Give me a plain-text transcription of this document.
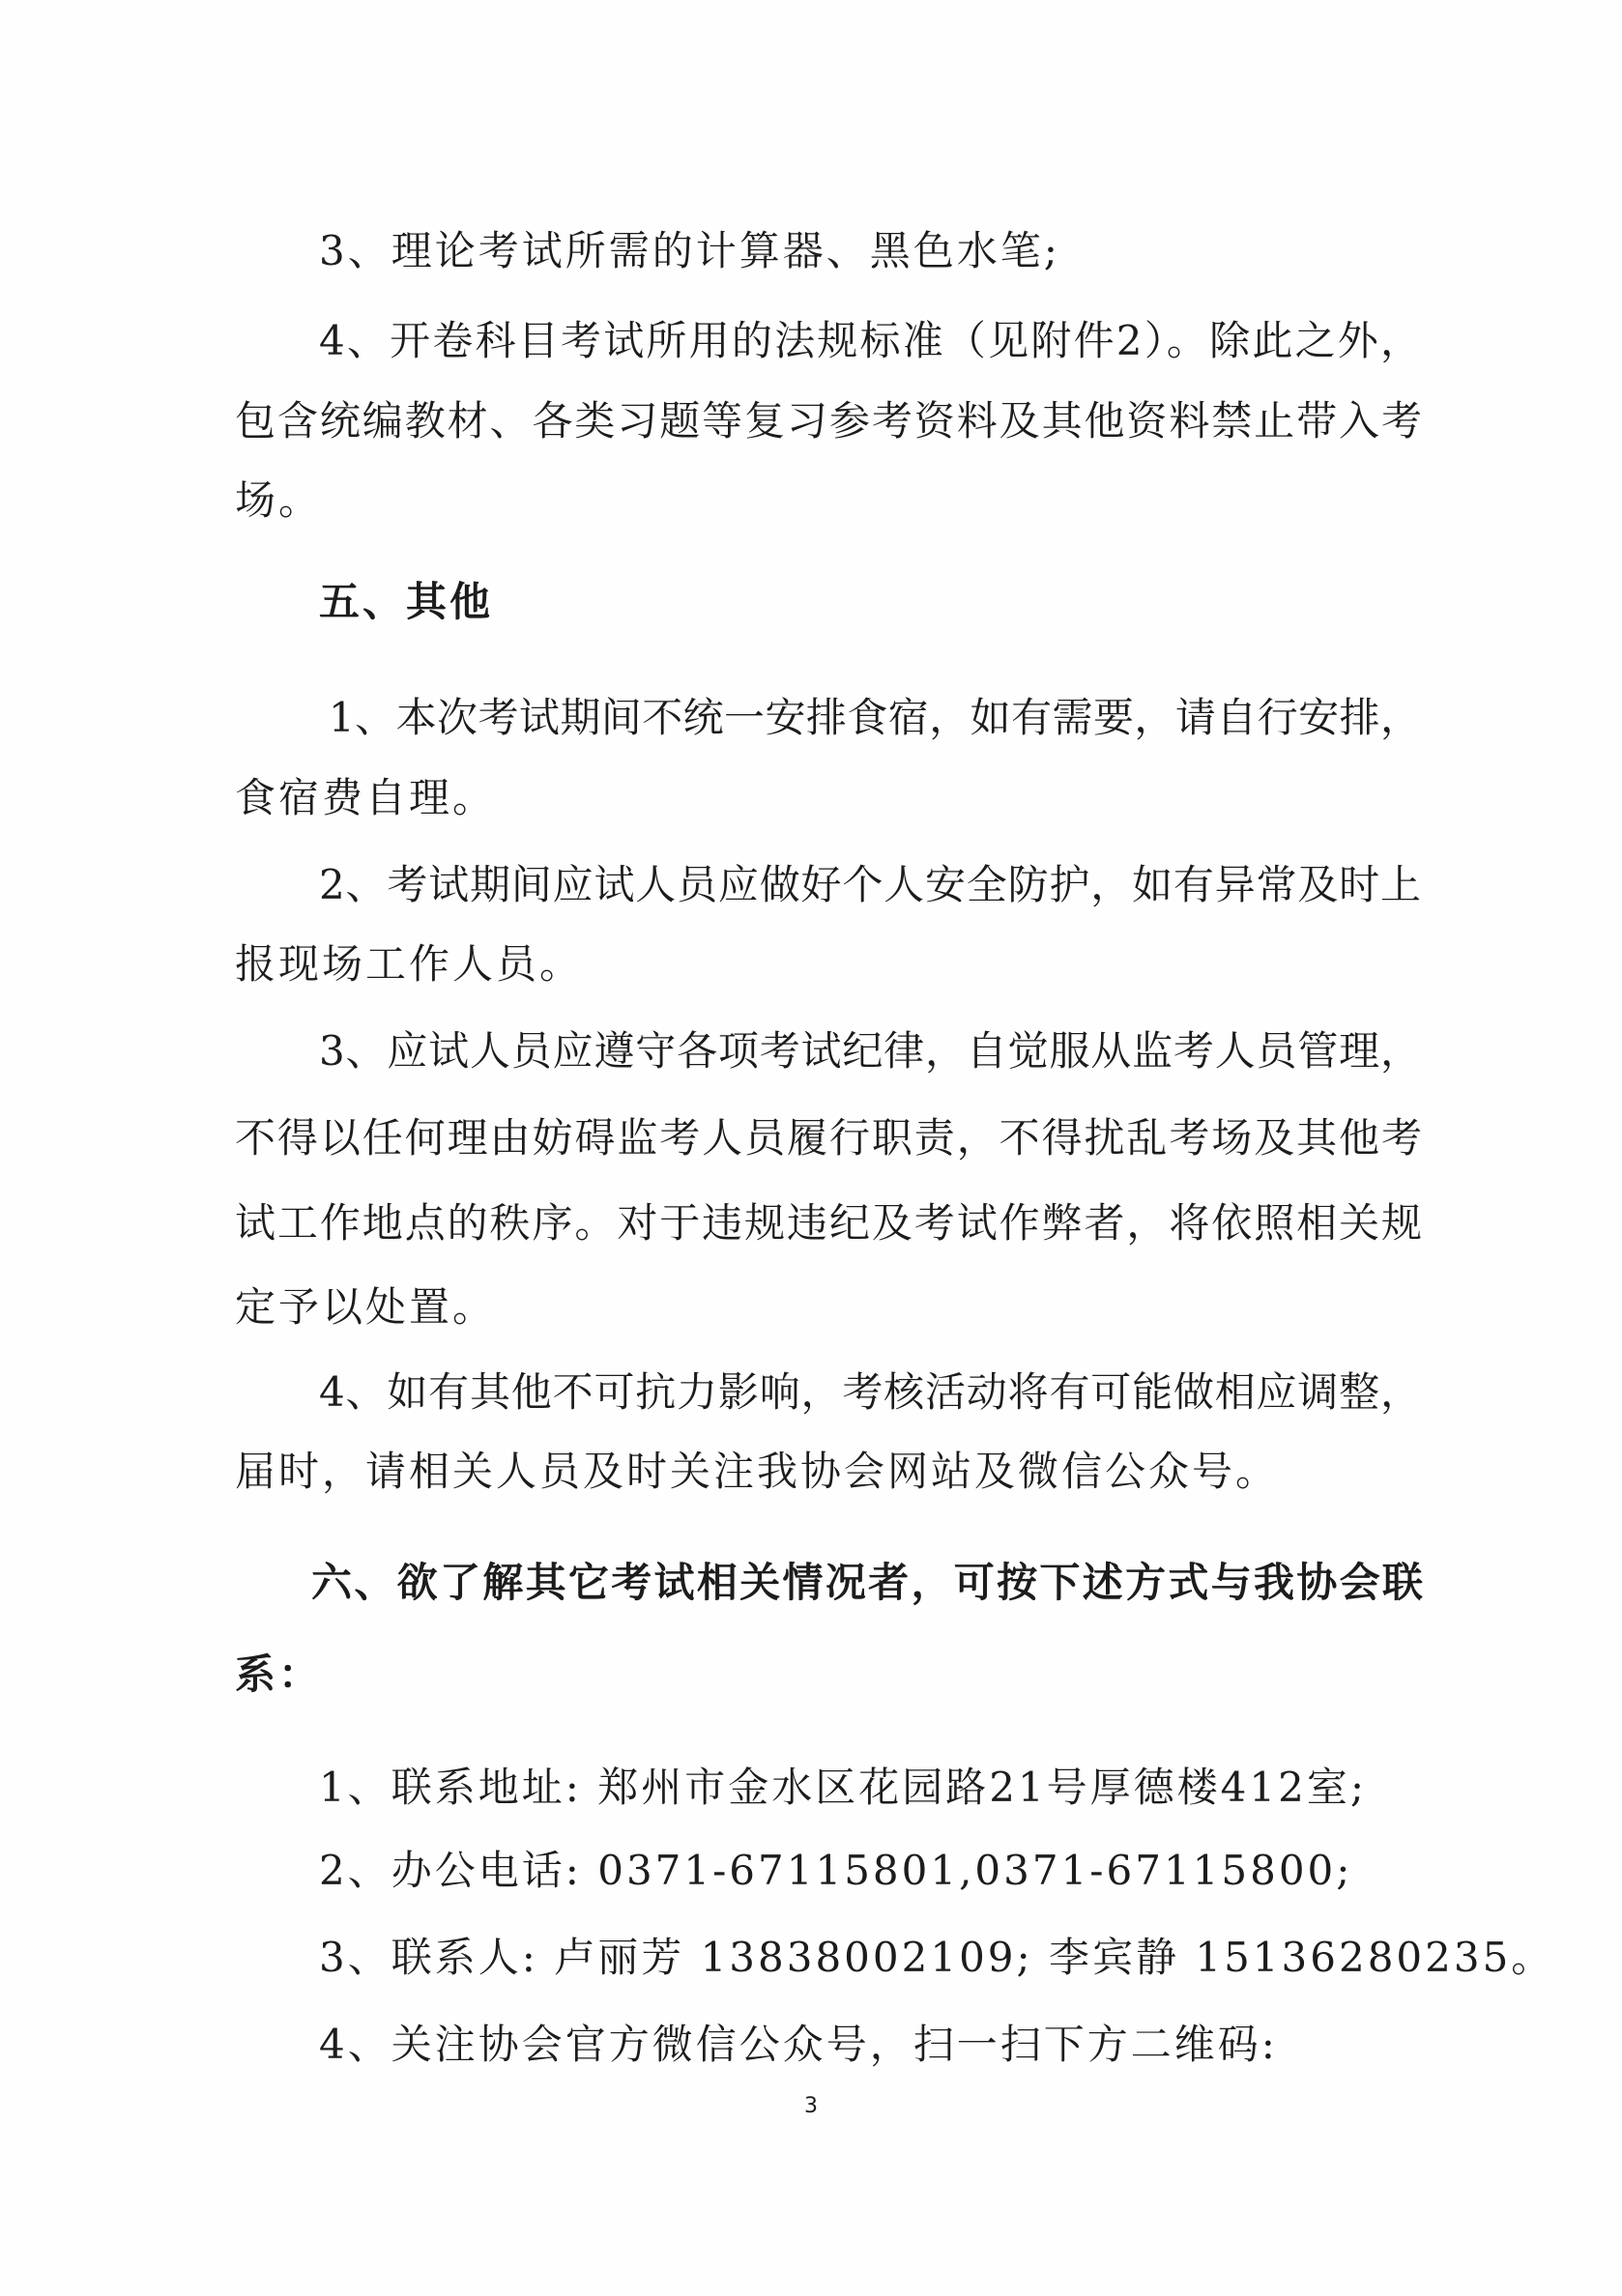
3、理论考试所需的计算器、黑色水笔;
4、开卷科目考试所用的法规标准（见附件2）。除此之外，
包含统编教材、各类习题等复习参考资料及其他资料禁止带入考
场。
五、其他
1、本次考试期间不统一安排食宿，如有需要，请自行安排，
食宿费自理。
2、考试期间应试人员应做好个人安全防护，如有异常及时上
报现场工作人员。
3、应试人员应遵守各项考试纪律，自觉服从监考人员管理，
不得以任何理由妨碍监考人员履行职责，不得扰乱考场及其他考
试工作地点的秩序。对于违规违纪及考试作弊者，将依照相关规
定予以处置。
4、如有其他不可抗力影响，考核活动将有可能做相应调整，
届时，请相关人员及时关注我协会网站及微信公众号。
六、欲了解其它考试相关情况者，可按下述方式与我协会联
系：
1、联系地址: 郑州市金水区花园路21号厚德楼412室;
2、办公电话: 0371-67115801,0371-67115800;
3、联系人: 卢丽芳 13838002109; 李宾静 15136280235。
4、关注协会官方微信公众号，扫一扫下方二维码:
3
